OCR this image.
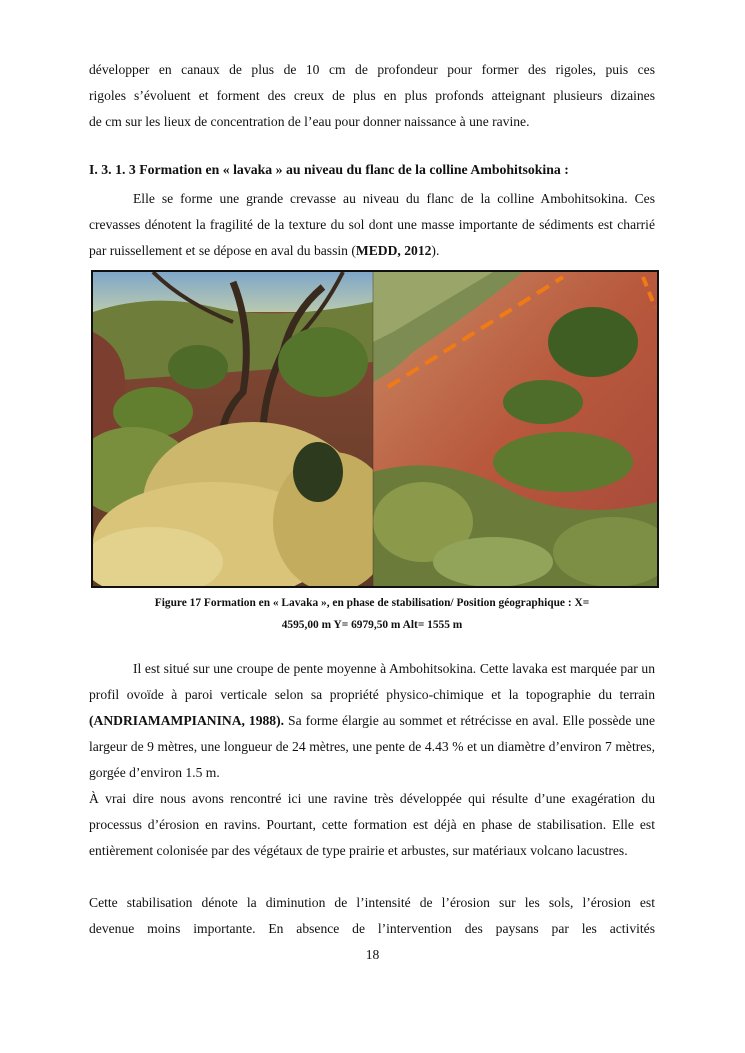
développer en canaux de plus de 10 cm de profondeur pour former des rigoles, puis ces
rigoles s’évoluent et forment des creux de plus en plus profonds atteignant plusieurs dizaines
de cm sur les lieux de concentration de l’eau pour donner naissance à une ravine.
I. 3. 1. 3 Formation en « lavaka » au niveau du flanc de la colline Ambohitsokina :
Elle se forme une grande crevasse au niveau du flanc de la colline Ambohitsokina. Ces crevasses dénotent la fragilité de la texture du sol dont une masse importante de sédiments est charrié par ruissellement et se dépose en aval du bassin (MEDD, 2012).
Figure 17 Formation en « Lavaka », en phase de stabilisation/ Position géographique : X=
4595,00 m Y= 6979,50 m Alt= 1555 m
Il est situé sur une croupe de pente moyenne à Ambohitsokina. Cette lavaka est marquée par un profil ovoïde à paroi verticale selon sa propriété physico-chimique et la topographie du terrain (ANDRIAMAMPIANINA, 1988). Sa forme élargie au sommet et rétrécisse en aval. Elle possède une largeur de 9 mètres, une longueur de 24 mètres, une pente de 4.43 % et un diamètre d’environ 7 mètres, gorgée d’environ 1.5 m.
À vrai dire nous avons rencontré ici une ravine très développée qui résulte d’une exagération du processus d’érosion en ravins. Pourtant, cette formation est déjà en phase de stabilisation. Elle est entièrement colonisée par des végétaux de type prairie et arbustes, sur matériaux volcano lacustres.
Cette stabilisation dénote la diminution de l’intensité de l’érosion sur les sols, l’érosion est
devenue moins importante. En absence de l’intervention des paysans par les activités
18
